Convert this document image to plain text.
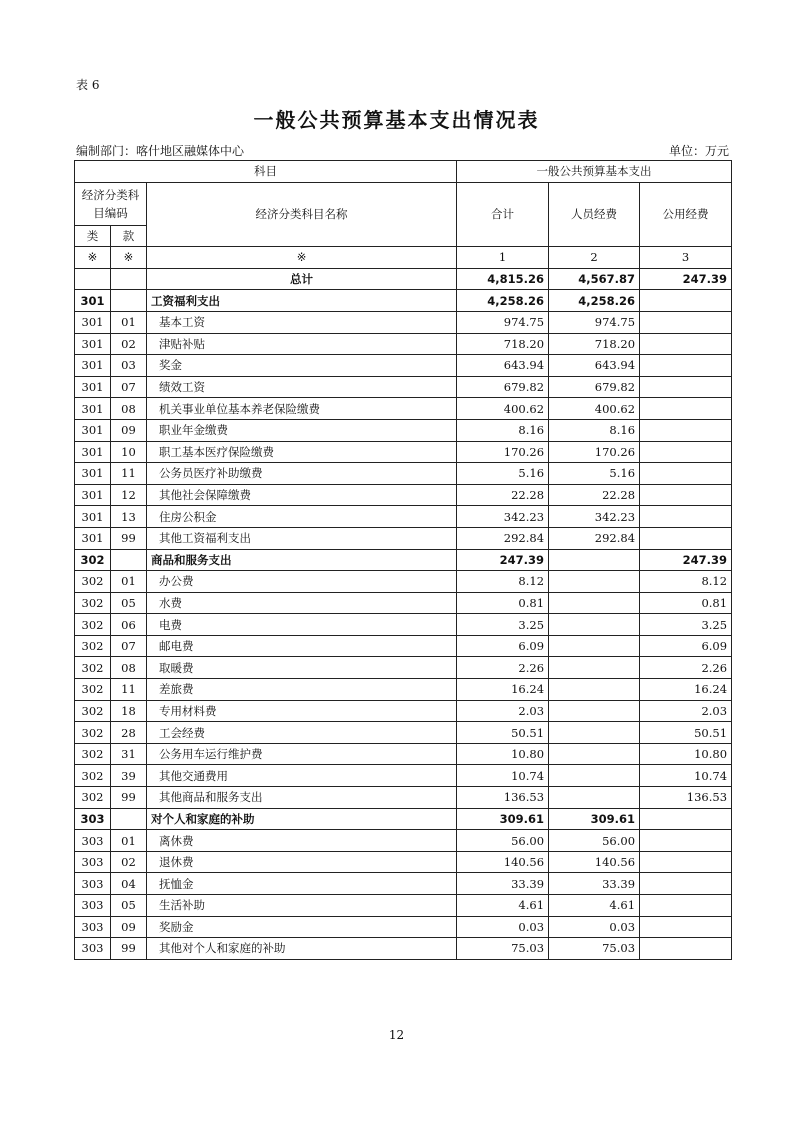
表 6
一般公共预算基本支出情况表
编制部门：喀什地区融媒体中心	单位：万元
科目			一般公共预算基本支出		
经济分类科目编码		经济分类科目名称	合计	人员经费	公用经费
类	款				
※	※	※	1	2	3
		总计	4,815.26	4,567.87	247.39
301		工资福利支出	4,258.26	4,258.26	
301	01	基本工资	974.75	974.75	
301	02	津贴补贴	718.20	718.20	
301	03	奖金	643.94	643.94	
301	07	绩效工资	679.82	679.82	
301	08	机关事业单位基本养老保险缴费	400.62	400.62	
301	09	职业年金缴费	8.16	8.16	
301	10	职工基本医疗保险缴费	170.26	170.26	
301	11	公务员医疗补助缴费	5.16	5.16	
301	12	其他社会保障缴费	22.28	22.28	
301	13	住房公积金	342.23	342.23	
301	99	其他工资福利支出	292.84	292.84	
302		商品和服务支出	247.39		247.39
302	01	办公费	8.12		8.12
302	05	水费	0.81		0.81
302	06	电费	3.25		3.25
302	07	邮电费	6.09		6.09
302	08	取暖费	2.26		2.26
302	11	差旅费	16.24		16.24
302	18	专用材料费	2.03		2.03
302	28	工会经费	50.51		50.51
302	31	公务用车运行维护费	10.80		10.80
302	39	其他交通费用	10.74		10.74
302	99	其他商品和服务支出	136.53		136.53
303		对个人和家庭的补助	309.61	309.61	
303	01	离休费	56.00	56.00	
303	02	退休费	140.56	140.56	
303	04	抚恤金	33.39	33.39	
303	05	生活补助	4.61	4.61	
303	09	奖励金	0.03	0.03	
303	99	其他对个人和家庭的补助	75.03	75.03	
12
